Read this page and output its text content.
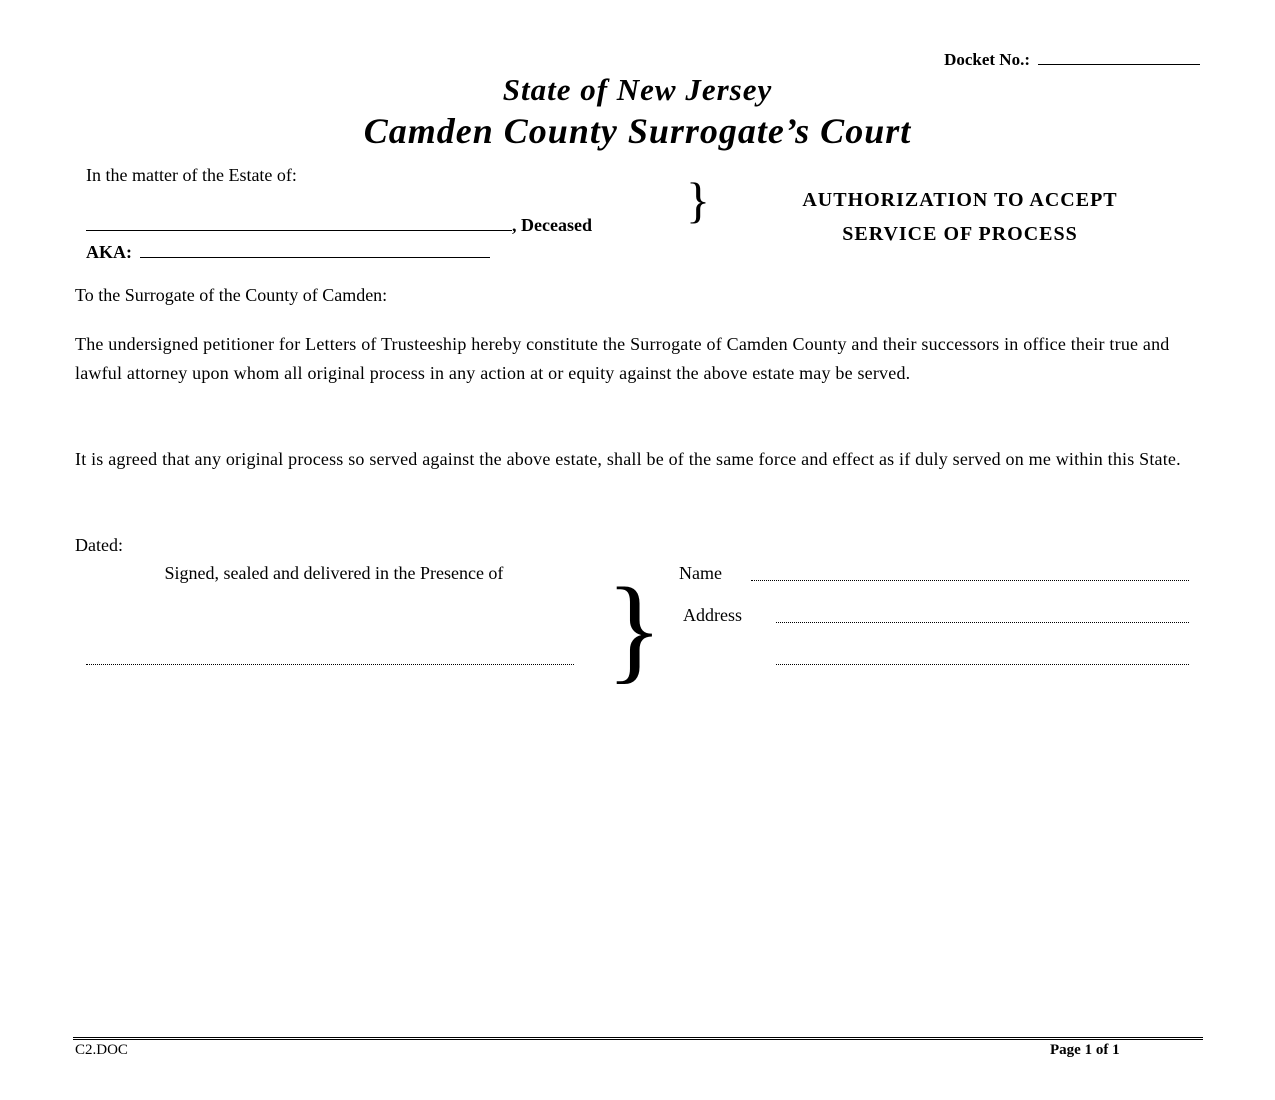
Docket No.:
State of New Jersey
Camden County Surrogate’s Court
In the matter of the Estate of:
, Deceased
AKA:
}	AUTHORIZATION TO ACCEPT
SERVICE OF PROCESS
To the Surrogate of the County of Camden:
The undersigned petitioner for Letters of Trusteeship hereby constitute the Surrogate of Camden County and their successors in office their true and lawful attorney upon whom all original process in any action at or equity against the above estate may be served.
It is agreed that any original process so served against the above estate, shall be of the same force and effect as if duly served on me within this State.
Dated:
Signed, sealed and delivered in the Presence of } Name
Address
C2.DOC	Page 1 of 1
